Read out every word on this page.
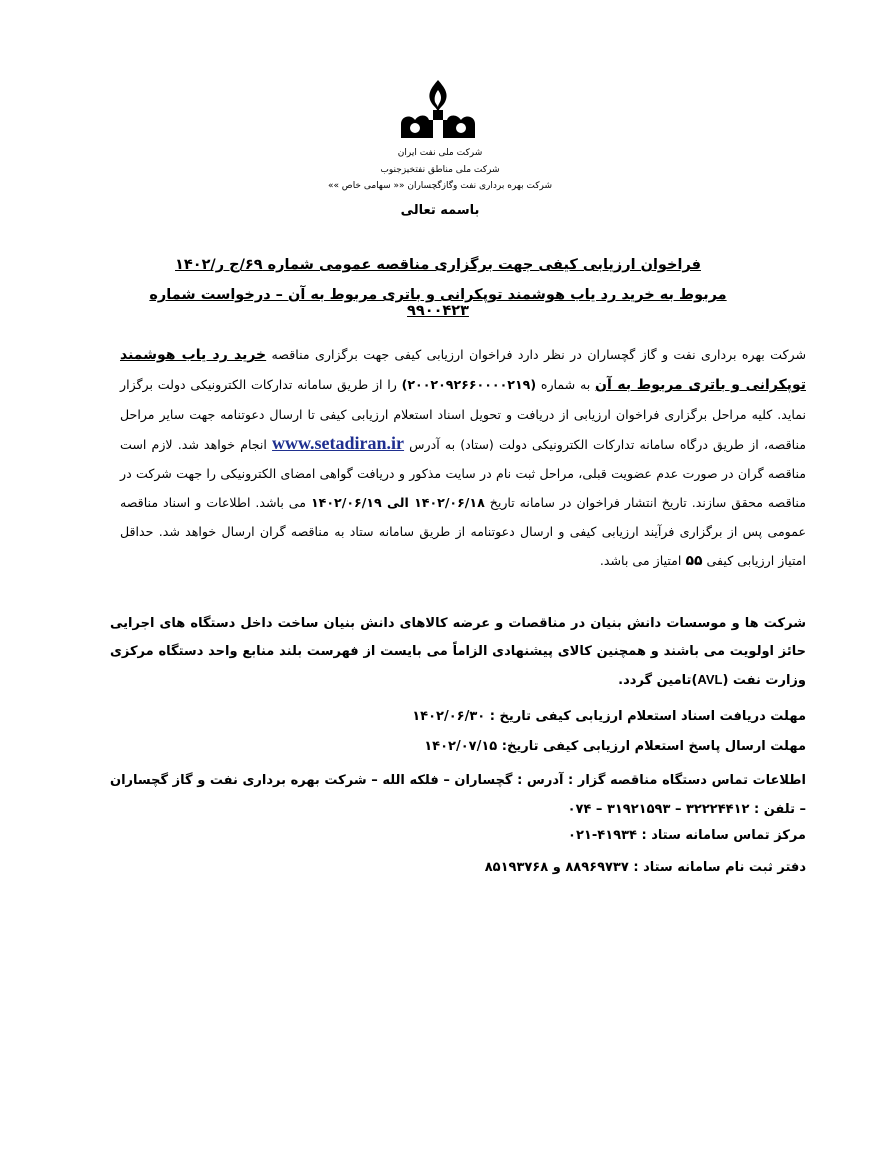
شرکت ملی نفت ایران
شرکت ملی مناطق نفتخیزجنوب
شرکت بهره برداری نفت وگازگچساران «« سهامی خاص »»
باسمه تعالی
فراخوان ارزیابی کیفی جهت برگزاری مناقصه عمومی شماره ۶۹/ج ر/۱۴۰۲
مربوط به خرید رد یاب هوشمند توپکرانی و باتری مربوط به آن – درخواست شماره ۹۹۰۰۴۲۳
شرکت بهره برداری نفت و گاز گچساران در نظر دارد فراخوان ارزیابی کیفی جهت برگزاری مناقصه خرید رد یاب هوشمند توپکرانی و باتری مربوط به آن به شماره (۲۰۰۲۰۹۲۶۶۰۰۰۰۲۱۹) را از طریق سامانه تدارکات الکترونیکی دولت برگزار نماید. کلیه مراحل برگزاری فراخوان ارزیابی از دریافت و تحویل اسناد استعلام ارزیابی کیفی تا ارسال دعوتنامه جهت سایر مراحل مناقصه، از طریق درگاه سامانه تدارکات الکترونیکی دولت (ستاد) به آدرس www.setadiran.ir انجام خواهد شد. لازم است مناقصه گران در صورت عدم عضویت قبلی، مراحل ثبت نام در سایت مذکور و دریافت گواهی امضای الکترونیکی را جهت شرکت در مناقصه محقق سازند. تاریخ انتشار فراخوان در سامانه تاریخ ۱۴۰۲/۰۶/۱۸ الی ۱۴۰۲/۰۶/۱۹ می باشد. اطلاعات و اسناد مناقصه عمومی پس از برگزاری فرآیند ارزیابی کیفی و ارسال دعوتنامه از طریق سامانه ستاد به مناقصه گران ارسال خواهد شد. حداقل امتیاز ارزیابی کیفی ۵۵ امتیاز می باشد.
شرکت ها و موسسات دانش بنیان در مناقصات و عرضه کالاهای دانش بنیان ساخت داخل دستگاه های اجرایی حائز اولویت می باشند و همچنین کالای پیشنهادی الزاماً می بایست از فهرست بلند منابع واحد دستگاه مرکزی وزارت نفت (AVL)تامین گردد.
مهلت دریافت اسناد استعلام ارزیابی کیفی تاریخ : ۱۴۰۲/۰۶/۳۰
مهلت ارسال پاسخ استعلام ارزیابی کیفی تاریخ: ۱۴۰۲/۰۷/۱۵
اطلاعات تماس دستگاه مناقصه گزار : آدرس : گچساران – فلکه الله – شرکت بهره برداری نفت و گاز گچساران – تلفن : ۳۲۲۲۴۴۱۲ – ۳۱۹۲۱۵۹۳ – ۰۷۴
مرکز تماس سامانه ستاد : ۴۱۹۳۴-۰۲۱
دفتر ثبت نام سامانه ستاد : ۸۸۹۶۹۷۳۷ و ۸۵۱۹۳۷۶۸
